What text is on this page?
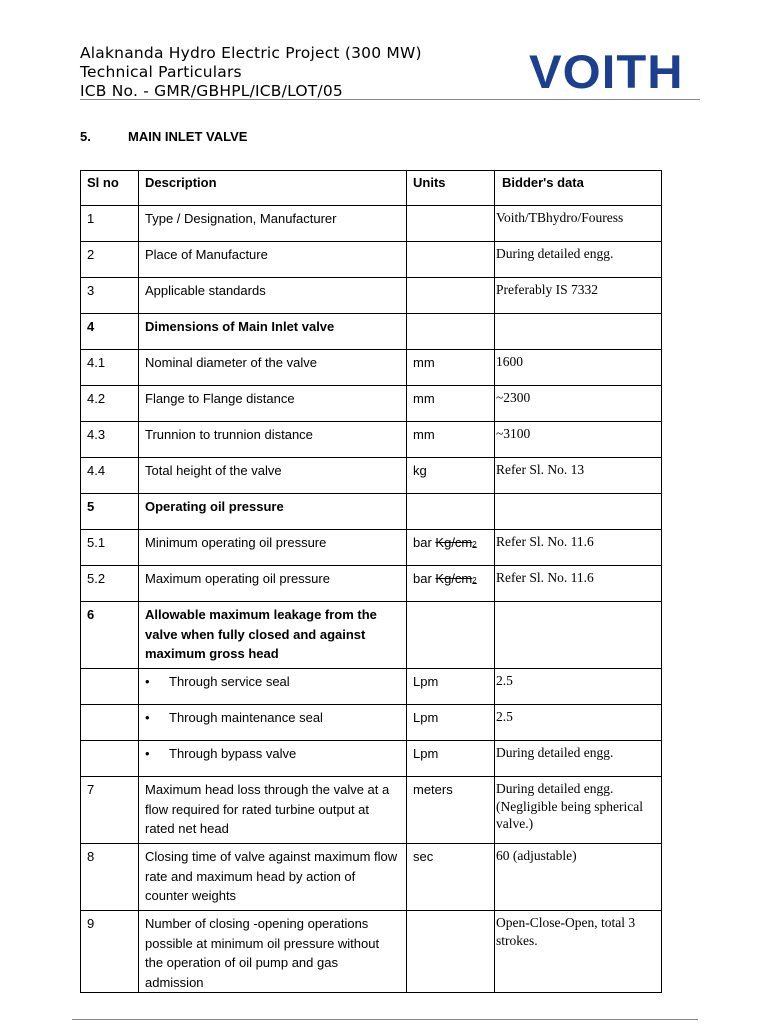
Alaknanda Hydro Electric Project (300 MW)
Technical Particulars
ICB No. - GMR/GBHPL/ICB/LOT/05	VOITH
5.	MAIN INLET VALVE
Sl no	Description	Units	Bidder's data
1	Type / Designation, Manufacturer		Voith/TBhydro/Fouress
2	Place of Manufacture		During detailed engg.
3	Applicable standards		Preferably IS 7332
4	Dimensions of Main Inlet valve		
4.1	Nominal diameter of the valve	mm	1600
4.2	Flange to Flange distance	mm	~2300
4.3	Trunnion to trunnion distance	mm	~3100
4.4	Total height of the valve	kg	Refer Sl. No. 13
5	Operating oil pressure		
5.1	Minimum operating oil pressure	bar Kg/cm2	Refer Sl. No. 11.6
5.2	Maximum operating oil pressure	bar Kg/cm2	Refer Sl. No. 11.6
6	Allowable maximum leakage from the valve when fully closed and against maximum gross head		
	• Through service seal	Lpm	2.5
	• Through maintenance seal	Lpm	2.5
	• Through bypass valve	Lpm	During detailed engg.
7	Maximum head loss through the valve at a flow required for rated turbine output at rated net head	meters	During detailed engg. (Negligible being spherical valve.)
8	Closing time of valve against maximum flow rate and maximum head by action of counter weights	sec	60 (adjustable)
9	Number of closing -opening operations possible at minimum oil pressure without the operation of oil pump and gas admission		Open-Close-Open, total 3 strokes.
